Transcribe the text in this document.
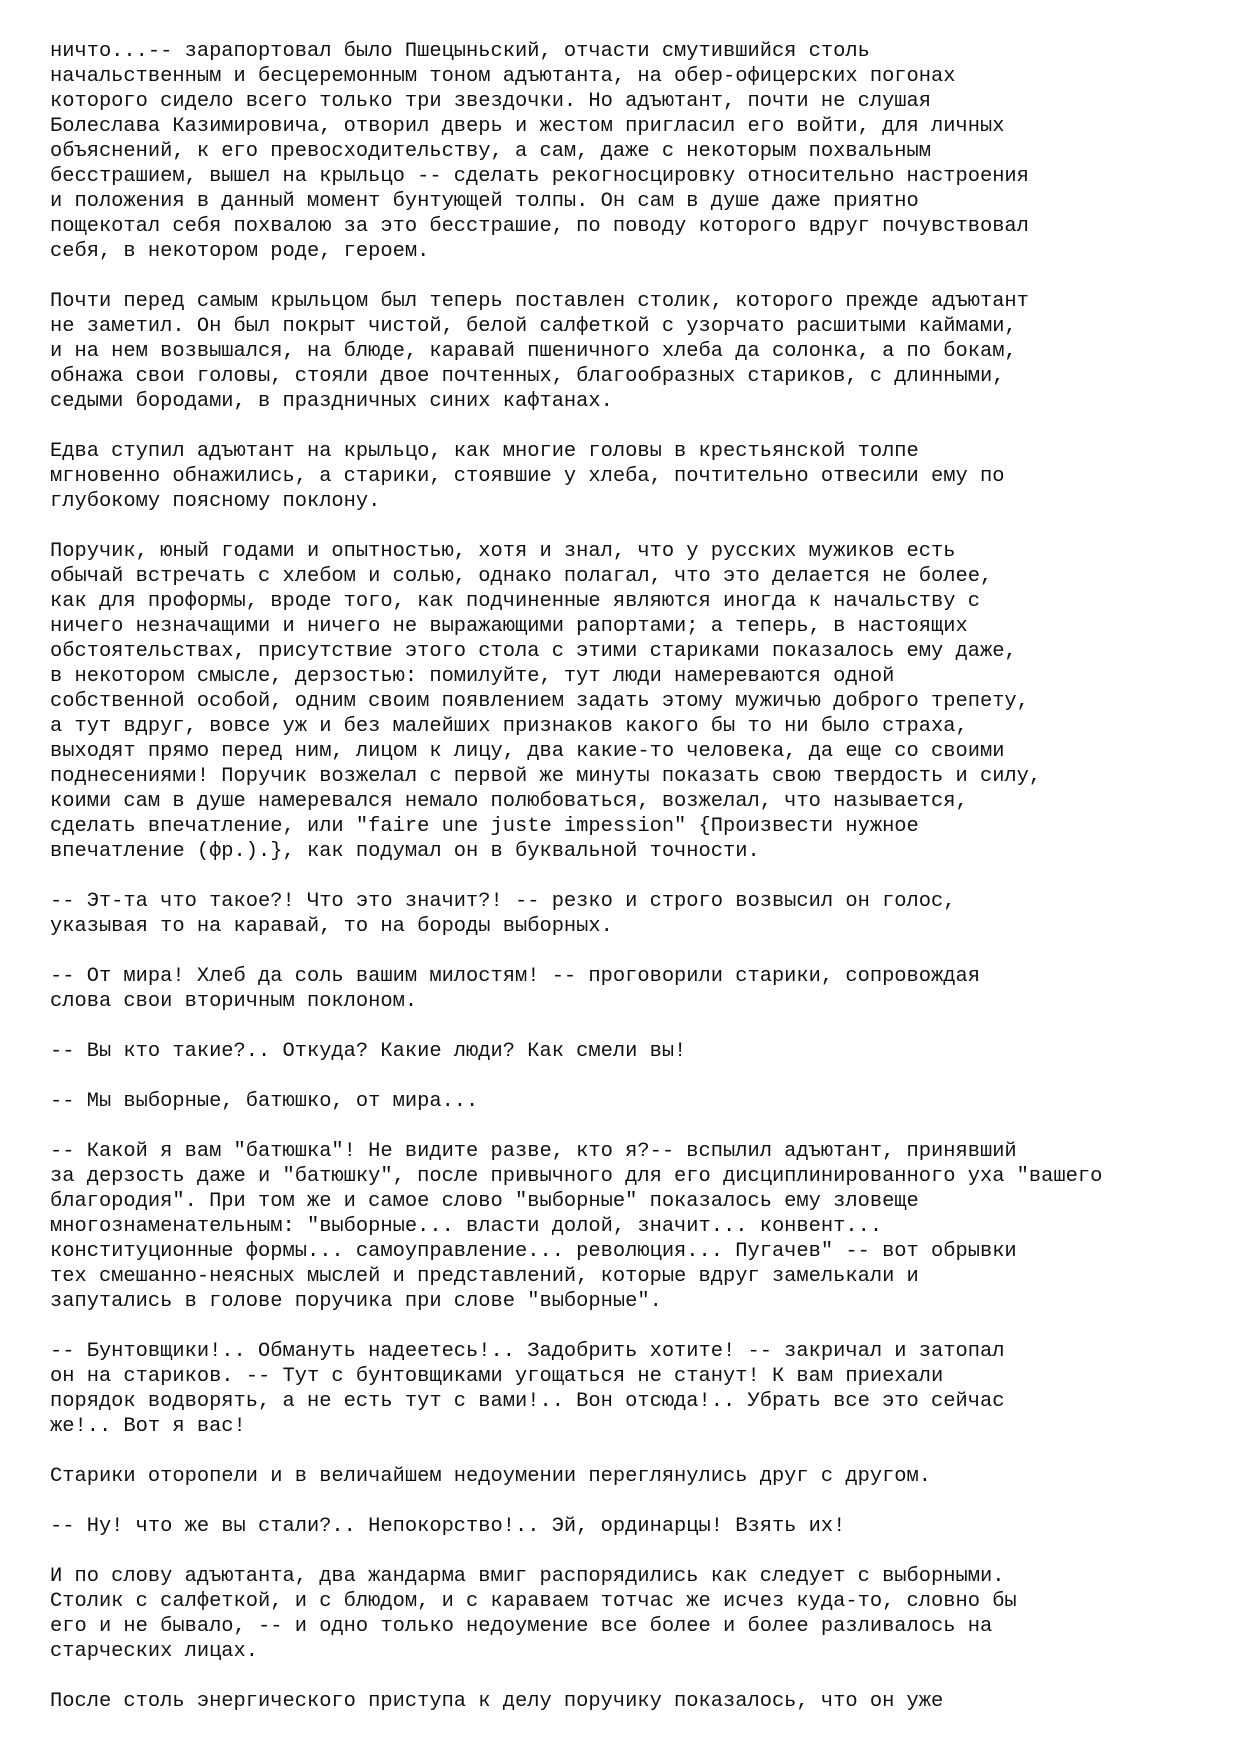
ничто...-- зарапортовал было Пшецыньский, отчасти смутившийся столь
начальственным и бесцеремонным тоном адъютанта, на обер-офицерских погонах
которого сидело всего только три звездочки. Но адъютант, почти не слушая
Болеслава Казимировича, отворил дверь и жестом пригласил его войти, для личных
объяснений, к его превосходительству, а сам, даже с некоторым похвальным
бесстрашием, вышел на крыльцо -- сделать рекогносцировку относительно настроения
и положения в данный момент бунтующей толпы. Он сам в душе даже приятно
пощекотал себя похвалою за это бесстрашие, по поводу которого вдруг почувствовал
себя, в некотором роде, героем.

Почти перед самым крыльцом был теперь поставлен столик, которого прежде адъютант
не заметил. Он был покрыт чистой, белой салфеткой с узорчато расшитыми каймами,
и на нем возвышался, на блюде, каравай пшеничного хлеба да солонка, а по бокам,
обнажа свои головы, стояли двое почтенных, благообразных стариков, с длинными,
седыми бородами, в праздничных синих кафтанах.

Едва ступил адъютант на крыльцо, как многие головы в крестьянской толпе
мгновенно обнажились, а старики, стоявшие у хлеба, почтительно отвесили ему по
глубокому поясному поклону.

Поручик, юный годами и опытностью, хотя и знал, что у русских мужиков есть
обычай встречать с хлебом и солью, однако полагал, что это делается не более,
как для проформы, вроде того, как подчиненные являются иногда к начальству с
ничего незначащими и ничего не выражающими рапортами; а теперь, в настоящих
обстоятельствах, присутствие этого стола с этими стариками показалось ему даже,
в некотором смысле, дерзостью: помилуйте, тут люди намереваются одной
собственной особой, одним своим появлением задать этому мужичью доброго трепету,
а тут вдруг, вовсе уж и без малейших признаков какого бы то ни было страха,
выходят прямо перед ним, лицом к лицу, два какие-то человека, да еще со своими
поднесениями! Поручик возжелал с первой же минуты показать свою твердость и силу,
коими сам в душе намеревался немало полюбоваться, возжелал, что называется,
сделать впечатление, или "faire une juste impession" {Произвести нужное
впечатление (фр.).}, как подумал он в буквальной точности.

-- Эт-та что такое?! Что это значит?! -- резко и строго возвысил он голос,
указывая то на каравай, то на бороды выборных.

-- От мира! Хлеб да соль вашим милостям! -- проговорили старики, сопровождая
слова свои вторичным поклоном.

-- Вы кто такие?.. Откуда? Какие люди? Как смели вы!

-- Мы выборные, батюшко, от мира...

-- Какой я вам "батюшка"! Не видите разве, кто я?-- вспылил адъютант, принявший
за дерзость даже и "батюшку", после привычного для его дисциплинированного уха "вашего
благородия". При том же и самое слово "выборные" показалось ему зловеще
многознаменательным: "выборные... власти долой, значит... конвент...
конституционные формы... самоуправление... революция... Пугачев" -- вот обрывки
тех смешанно-неясных мыслей и представлений, которые вдруг замелькали и
запутались в голове поручика при слове "выборные".

-- Бунтовщики!.. Обмануть надеетесь!.. Задобрить хотите! -- закричал и затопал
он на стариков. -- Тут с бунтовщиками угощаться не станут! К вам приехали
порядок водворять, а не есть тут с вами!.. Вон отсюда!.. Убрать все это сейчас
же!.. Вот я вас!

Старики оторопели и в величайшем недоумении переглянулись друг с другом.

-- Ну! что же вы стали?.. Непокорство!.. Эй, ординарцы! Взять их!

И по слову адъютанта, два жандарма вмиг распорядились как следует с выборными.
Столик с салфеткой, и с блюдом, и с караваем тотчас же исчез куда-то, словно бы
его и не бывало, -- и одно только недоумение все более и более разливалось на
старческих лицах.

После столь энергического приступа к делу поручику показалось, что он уже
